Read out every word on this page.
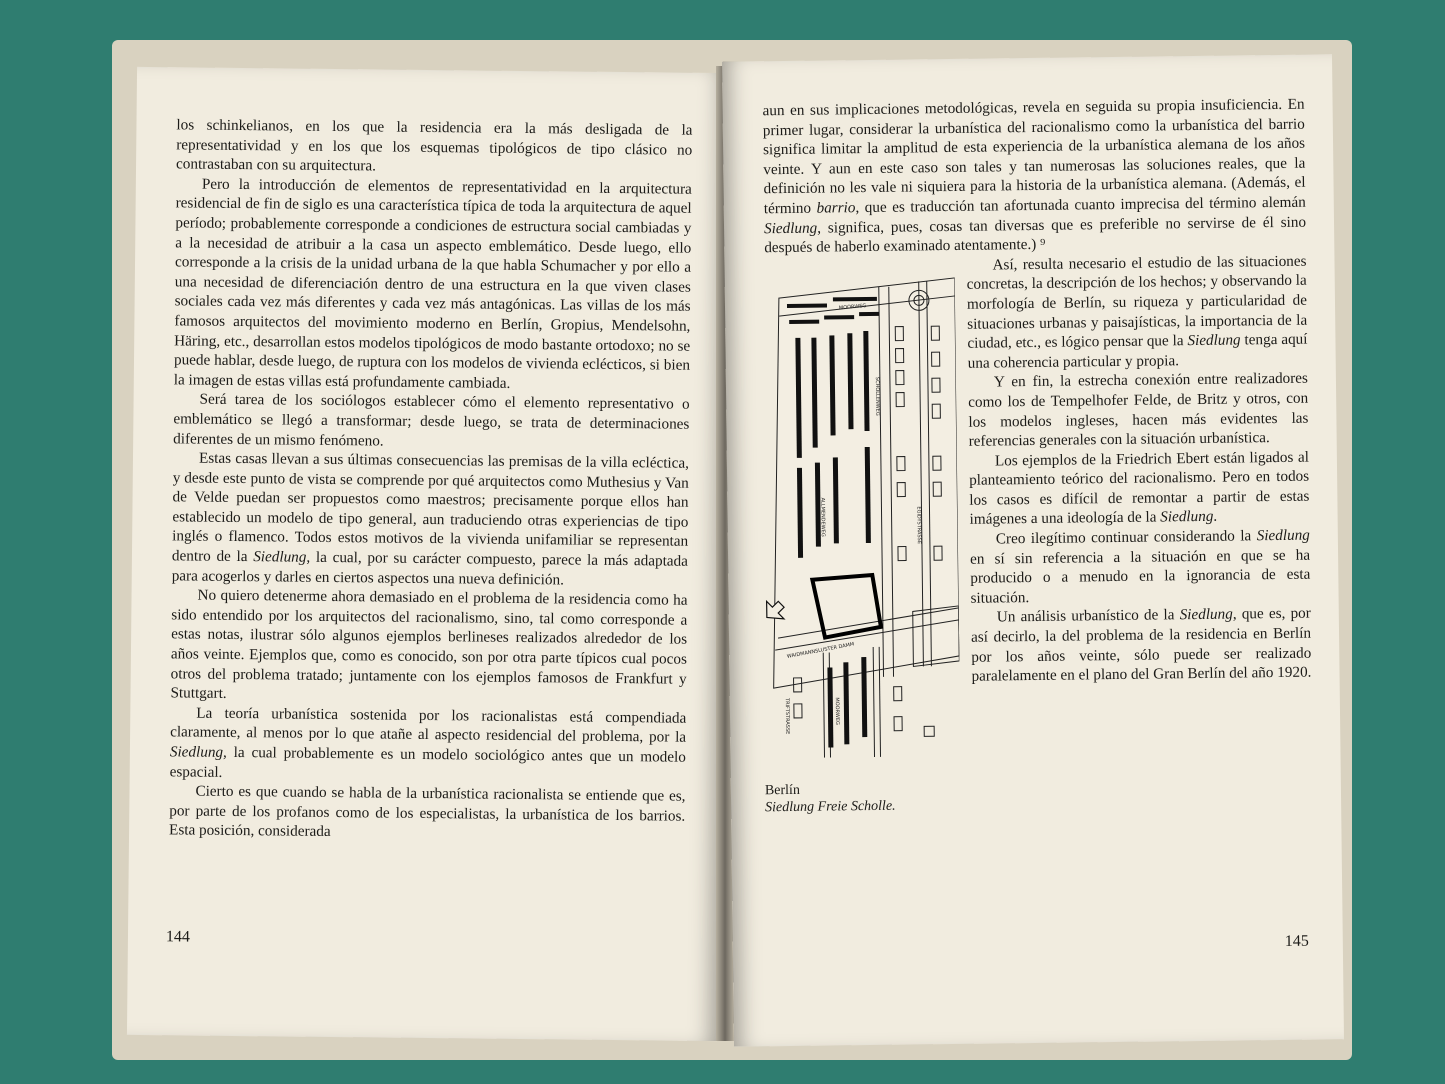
los schinkelianos, en los que la residencia era la más desligada de la representatividad y en los que los esquemas tipológicos de tipo clásico no contrastaban con su arquitectura.

Pero la introducción de elementos de representatividad en la arquitectura residencial de fin de siglo es una característica típica de toda la arquitectura de aquel período; probablemente corresponde a condiciones de estructura social cambiadas y a la necesidad de atribuir a la casa un aspecto emblemático. Desde luego, ello corresponde a la crisis de la unidad urbana de la que habla Schumacher y por ello a una necesidad de diferenciación dentro de una estructura en la que viven clases sociales cada vez más diferentes y cada vez más antagónicas. Las villas de los más famosos arquitectos del movimiento moderno en Berlín, Gropius, Mendelsohn, Häring, etc., desarrollan estos modelos tipológicos de modo bastante ortodoxo; no se puede hablar, desde luego, de ruptura con los modelos de vivienda eclécticos, si bien la imagen de estas villas está profundamente cambiada.

Será tarea de los sociólogos establecer cómo el elemento representativo o emblemático se llegó a transformar; desde luego, se trata de determinaciones diferentes de un mismo fenómeno.

Estas casas llevan a sus últimas consecuencias las premisas de la villa ecléctica, y desde este punto de vista se comprende por qué arquitectos como Muthesius y Van de Velde puedan ser propuestos como maestros; precisamente porque ellos han establecido un modelo de tipo general, aun traduciendo otras experiencias de tipo inglés o flamenco. Todos estos motivos de la vivienda unifamiliar se representan dentro de la Siedlung, la cual, por su carácter compuesto, parece la más adaptada para acogerlos y darles en ciertos aspectos una nueva definición.

No quiero detenerme ahora demasiado en el problema de la residencia como ha sido entendido por los arquitectos del racionalismo, sino, tal como corresponde a estas notas, ilustrar sólo algunos ejemplos berlineses realizados alrededor de los años veinte. Ejemplos que, como es conocido, son por otra parte típicos cual pocos otros del problema tratado; juntamente con los ejemplos famosos de Frankfurt y Stuttgart.

La teoría urbanística sostenida por los racionalistas está compendiada claramente, al menos por lo que atañe al aspecto residencial del problema, por la Siedlung, la cual probablemente es un modelo sociológico antes que un modelo espacial.

Cierto es que cuando se habla de la urbanística racionalista se entiende que es, por parte de los profanos como de los especialistas, la urbanística de los barrios. Esta posición, considerada

144

aun en sus implicaciones metodológicas, revela en seguida su propia insuficiencia. En primer lugar, considerar la urbanística del racionalismo como la urbanística del barrio significa limitar la amplitud de esta experiencia de la urbanística alemana de los años veinte. Y aun en este caso son tales y tan numerosas las soluciones reales, que la definición no les vale ni siquiera para la historia de la urbanística alemana. (Además, el término barrio, que es traducción tan afortunada cuanto imprecisa del término alemán Siedlung, significa, pues, cosas tan diversas que es preferible no servirse de él sino después de haberlo examinado atentamente.) ⁹

MOORWEG
ALLMENDEWEG
SCHOLLENWEG
EGIDYSTRASSE
WAIDMANNSLUSTER DAMM
TRIFTSTRASSE	MOORWEG
Berlín
Siedlung Freie Scholle.

Así, resulta necesario el estudio de las situaciones concretas, la descripción de los hechos; y observando la morfología de Berlín, su riqueza y particularidad de situaciones urbanas y paisajísticas, la importancia de la ciudad, etc., es lógico pensar que la Siedlung tenga aquí una coherencia particular y propia.

Y en fin, la estrecha conexión entre realizadores como los de Tempelhofer Felde, de Britz y otros, con los modelos ingleses, hacen más evidentes las referencias generales con la situación urbanística.

Los ejemplos de la Friedrich Ebert están ligados al planteamiento teórico del racionalismo. Pero en todos los casos es difícil de remontar a partir de estas imágenes a una ideología de la Siedlung.

Creo ilegítimo continuar considerando la Siedlung en sí sin referencia a la situación en que se ha producido o a menudo en la ignorancia de esta situación.

Un análisis urbanístico de la Siedlung, que es, por así decirlo, la del problema de la residencia en Berlín por los años veinte, sólo puede ser realizado paralelamente en el plano del Gran Berlín del año 1920.

145
